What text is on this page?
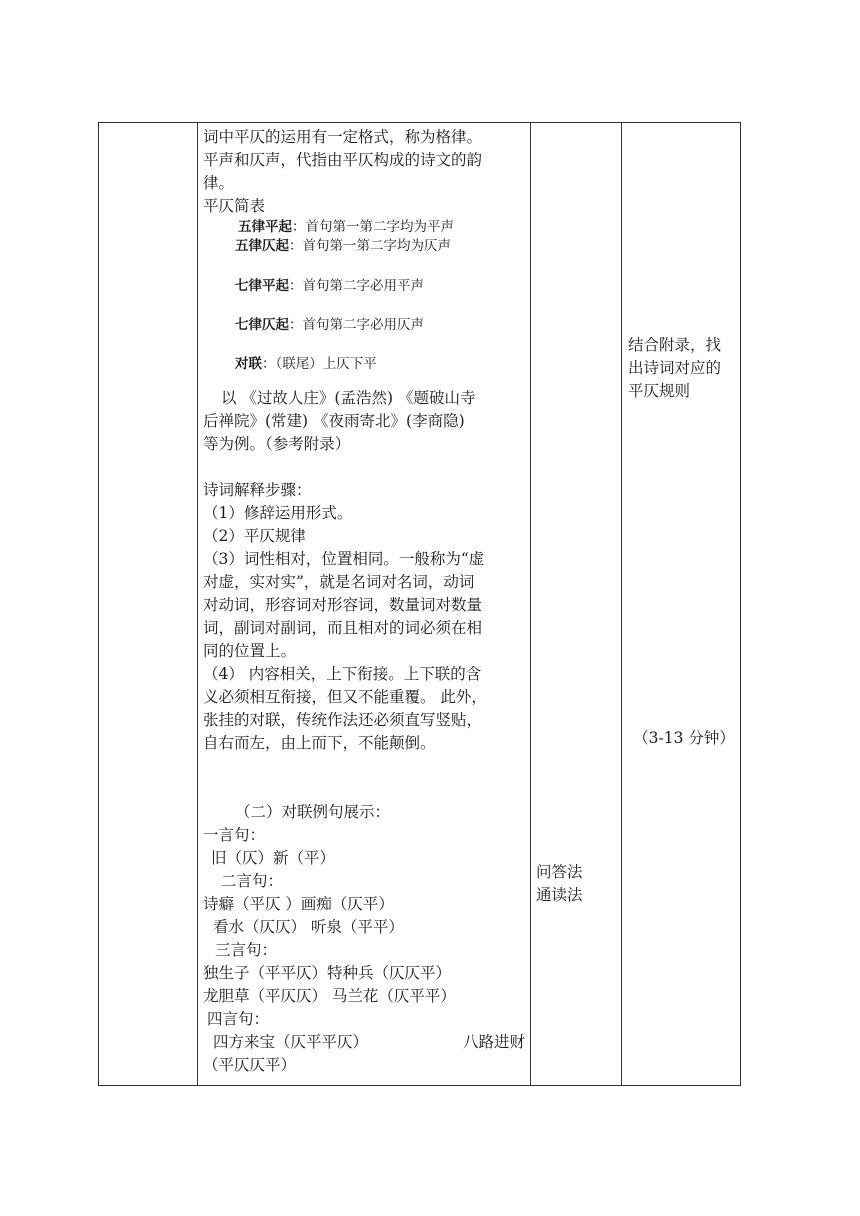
词中平仄的运用有一定格式，称为格律。

平声和仄声，代指由平仄构成的诗文的韵

律。

平仄简表

五律平起：首句第一第二字均为平声
五律仄起：首句第一第二字均为仄声
七律平起：首句第二字必用平声
七律仄起：首句第二字必用仄声
对联：（联尾）上仄下平

以 《过故人庄》(孟浩然) 《题破山寺

后禅院》(常建) 《夜雨寄北》(李商隐)

等为例。（参考附录）

诗词解释步骤：

（1）修辞运用形式。

（2）平仄规律

（3）词性相对，位置相同。一般称为“虚

对虚，实对实”，就是名词对名词，动词

对动词，形容词对形容词，数量词对数量

词，副词对副词，而且相对的词必须在相

同的位置上。

（4） 内容相关，上下衔接。上下联的含

义必须相互衔接，但又不能重覆。 此外，

张挂的对联，传统作法还必须直写竖贴，

自右而左，由上而下，不能颠倒。

（二）对联例句展示：

一言句：

旧（仄）新（平）

二言句：

诗癖（平仄 ）画痴（仄平）

看水（仄仄） 听泉（平平）

三言句：

独生子（平平仄）特种兵（仄仄平）

龙胆草（平仄仄） 马兰花（仄平平）

四言句：

四方来宝（仄平平仄）	八路进财

（平仄仄平）

问答法

通读法

结合附录，找

出诗词对应的

平仄规则

（3-13 分钟）
